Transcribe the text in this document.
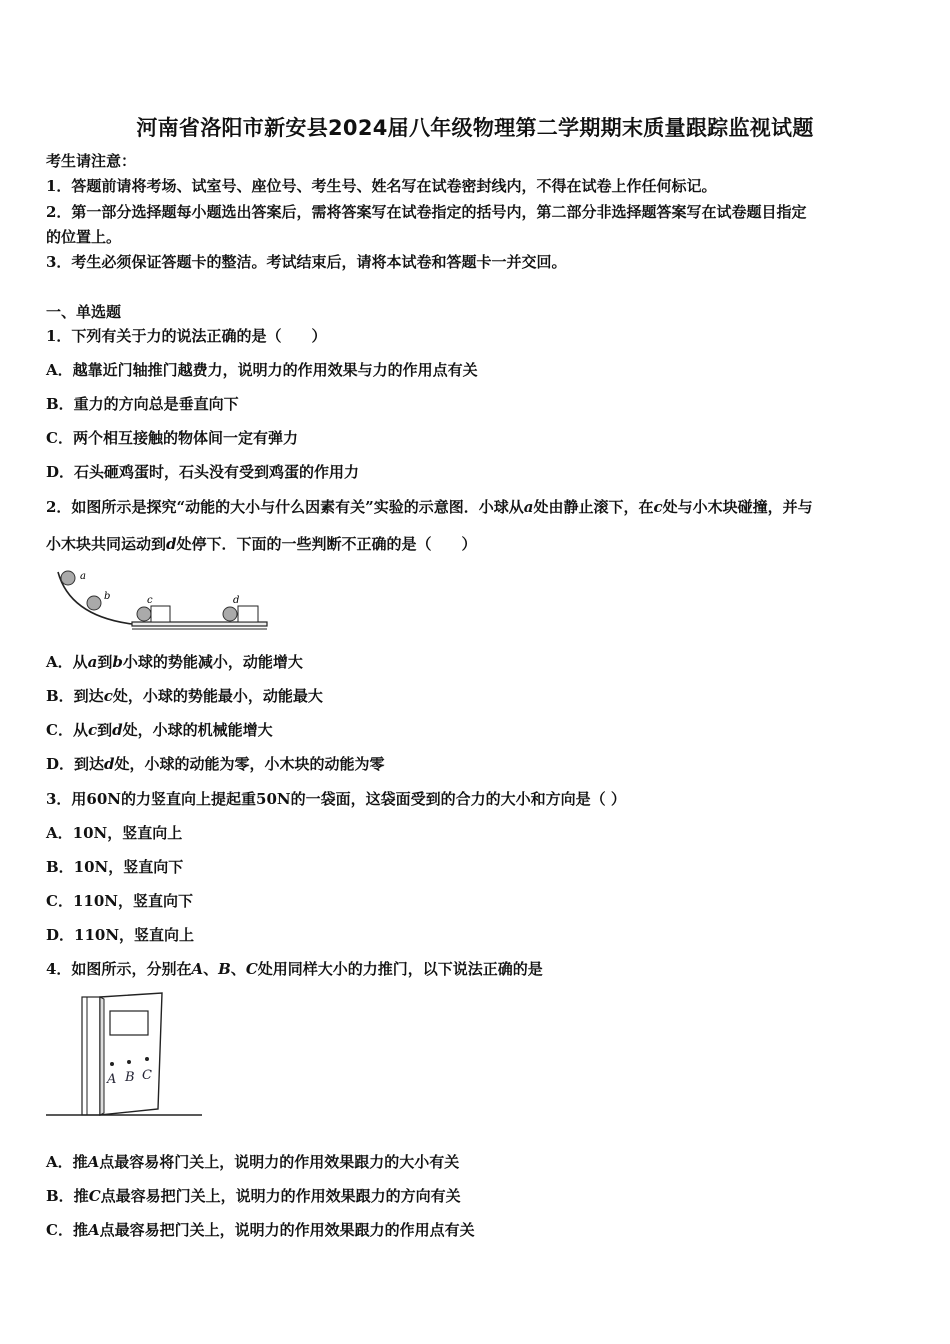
河南省洛阳市新安县2024届八年级物理第二学期期末质量跟踪监视试题
考生请注意：
1．答题前请将考场、试室号、座位号、考生号、姓名写在试卷密封线内，不得在试卷上作任何标记。
2．第一部分选择题每小题选出答案后，需将答案写在试卷指定的括号内，第二部分非选择题答案写在试卷题目指定
的位置上。
3．考生必须保证答题卡的整洁。考试结束后，请将本试卷和答题卡一并交回。
一、单选题
1．下列有关于力的说法正确的是（　　）
A．越靠近门轴推门越费力，说明力的作用效果与力的作用点有关
B．重力的方向总是垂直向下
C．两个相互接触的物体间一定有弹力
D．石头砸鸡蛋时，石头没有受到鸡蛋的作用力
2．如图所示是探究“动能的大小与什么因素有关”实验的示意图．小球从a处由静止滚下，在c处与小木块碰撞，并与
小木块共同运动到d处停下．下面的一些判断不正确的是（　　）
a
b	c	d
A．从a到b小球的势能减小，动能增大
B．到达c处，小球的势能最小，动能最大
C．从c到d处，小球的机械能增大
D．到达d处，小球的动能为零，小木块的动能为零
3．用60N的力竖直向上提起重50N的一袋面，这袋面受到的合力的大小和方向是（ ）
A．10N，竖直向上
B．10N，竖直向下
C．110N，竖直向下
D．110N，竖直向上
4．如图所示，分别在A、B、C处用同样大小的力推门，以下说法正确的是
A B C
A．推A点最容易将门关上，说明力的作用效果跟力的大小有关
B．推C点最容易把门关上，说明力的作用效果跟力的方向有关
C．推A点最容易把门关上，说明力的作用效果跟力的作用点有关
